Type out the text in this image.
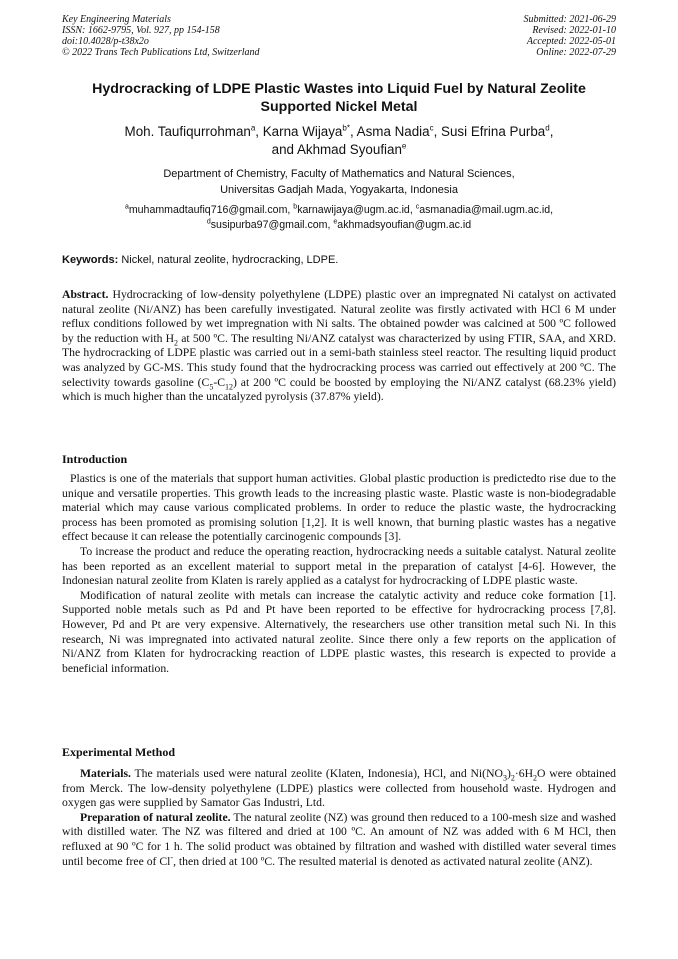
Key Engineering Materials
ISSN: 1662-9795, Vol. 927, pp 154-158
doi:10.4028/p-t38x2o
© 2022 Trans Tech Publications Ltd, Switzerland
Submitted: 2021-06-29
Revised: 2022-01-10
Accepted: 2022-05-01
Online: 2022-07-29
Hydrocracking of LDPE Plastic Wastes into Liquid Fuel by Natural Zeolite Supported Nickel Metal
Moh. Taufiqurrohman$^a$, Karna Wijaya$^{b*}$, Asma Nadia$^c$, Susi Efrina Purba$^d$,
and Akhmad Syoufian$^e$
Department of Chemistry, Faculty of Mathematics and Natural Sciences,
Universitas Gadjah Mada, Yogyakarta, Indonesia
$^a$muhammadtaufiq716@gmail.com, $^b$karnawijaya@ugm.ac.id, $^c$asmanadia@mail.ugm.ac.id,
$^d$susipurba97@gmail.com, $^e$akhmadsyoufian@ugm.ac.id
Keywords: Nickel, natural zeolite, hydrocracking, LDPE.
Abstract. Hydrocracking of low-density polyethylene (LDPE) plastic over an impregnated Ni catalyst on activated natural zeolite (Ni/ANZ) has been carefully investigated. Natural zeolite was firstly activated with HCl 6 M under reflux conditions followed by wet impregnation with Ni salts. The obtained powder was calcined at 500 ºC followed by the reduction with $H_2$ at 500 ºC. The resulting Ni/ANZ catalyst was characterized by using FTIR, SAA, and XRD. The hydrocracking of LDPE plastic was carried out in a semi-bath stainless steel reactor. The resulting liquid product was analyzed by GC-MS. This study found that the hydrocracking process was carried out effectively at 200 ºC. The selectivity towards gasoline $(C_5-C_{12})$ at 200 ºC could be boosted by employing the Ni/ANZ catalyst (68.23% yield) which is much higher than the uncatalyzed pyrolysis (37.87% yield).
Introduction

Plastics is one of the materials that support human activities. Global plastic production is predictedto rise due to the unique and versatile properties. This growth leads to the increasing plastic waste. Plastic waste is non-biodegradable material which may cause various complicated problems. In order to reduce the plastic waste, the hydrocracking process has been promoted as promising solution [1,2]. It is well known, that burning plastic wastes has a negative effect because it can release the potentially carcinogenic compounds [3].

To increase the product and reduce the operating reaction, hydrocracking needs a suitable catalyst. Natural zeolite has been reported as an excellent material to support metal in the preparation of catalyst [4-6]. However, the Indonesian natural zeolite from Klaten is rarely applied as a catalyst for hydrocracking of LDPE plastic waste.

Modification of natural zeolite with metals can increase the catalytic activity and reduce coke formation [1]. Supported noble metals such as Pd and Pt have been reported to be effective for hydrocracking process [7,8]. However, Pd and Pt are very expensive. Alternatively, the researchers use other transition metal such Ni. In this research, Ni was impregnated into activated natural zeolite. Since there only a few reports on the application of Ni/ANZ from Klaten for hydrocracking reaction of LDPE plastic wastes, this research is expected to provide a beneficial information.

Experimental Method

Materials. The materials used were natural zeolite (Klaten, Indonesia), HCl, and $Ni(NO_3)_2\cdot 6H_2O$ were obtained from Merck. The low-density polyethylene (LDPE) plastics were collected from household waste. Hydrogen and oxygen gas were supplied by Samator Gas Industri, Ltd.

Preparation of natural zeolite. The natural zeolite (NZ) was ground then reduced to a 100-mesh size and washed with distilled water. The NZ was filtered and dried at 100 ºC. An amount of NZ was added with 6 M HCl, then refluxed at 90 ºC for 1 h. The solid product was obtained by filtration and washed with distilled water several times until become free of Cl-, then dried at 100 ºC. The resulted material is denoted as activated natural zeolite (ANZ).
